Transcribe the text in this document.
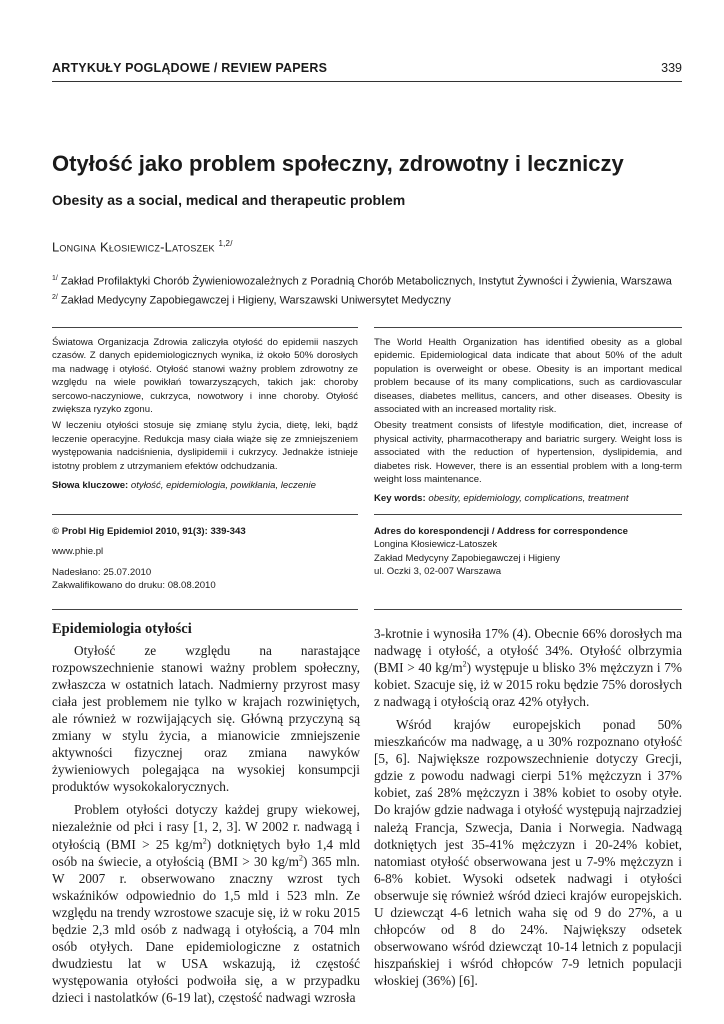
ARTYKUŁY POGLĄDOWE / REVIEW PAPERS	339
Otyłość jako problem społeczny, zdrowotny i leczniczy
Obesity as a social, medical and therapeutic problem
Longina Kłosiewicz-Latoszek $^{1,2/}$
$^{1/}$ Zakład Profilaktyki Chorób Żywieniowozależnych z Poradnią Chorób Metabolicznych, Instytut Żywności i Żywienia, Warszawa
$^{2/}$ Zakład Medycyny Zapobiegawczej i Higieny, Warszawski Uniwersytet Medyczny

Światowa Organizacja Zdrowia zaliczyła otyłość do epidemii naszych czasów. Z danych epidemiologicznych wynika, iż około 50% dorosłych ma nadwagę i otyłość. Otyłość stanowi ważny problem zdrowotny ze względu na wiele powikłań towarzyszących, takich jak: choroby sercowo-naczyniowe, cukrzyca, nowotwory i inne choroby. Otyłość zwiększa ryzyko zgonu.

W leczeniu otyłości stosuje się zmianę stylu życia, dietę, leki, bądź leczenie operacyjne. Redukcja masy ciała wiąże się ze zmniejszeniem występowania nadciśnienia, dyslipidemii i cukrzycy. Jednakże istnieje istotny problem z utrzymaniem efektów odchudzania.

Słowa kluczowe: otyłość, epidemiologia, powikłania, leczenie

The World Health Organization has identified obesity as a global epidemic. Epidemiological data indicate that about 50% of the adult population is overweight or obese. Obesity is an important medical problem because of its many complications, such as cardiovascular diseases, diabetes mellitus, cancers, and other diseases. Obesity is associated with an increased mortality risk.

Obesity treatment consists of lifestyle modification, diet, increase of physical activity, pharmacotherapy and bariatric surgery. Weight loss is associated with the reduction of hypertension, dyslipidemia, and diabetes risk. However, there is an essential problem with a long-term weight loss maintenance.

Key words: obesity, epidemiology, complications, treatment
© Probl Hig Epidemiol 2010, 91(3): 339-343
www.phie.pl
Nadesłano: 25.07.2010
Zakwalifikowano do druku: 08.08.2010
Adres do korespondencji / Address for correspondence
Longina Kłosiewicz-Latoszek
Zakład Medycyny Zapobiegawczej i Higieny
ul. Oczki 3, 02-007 Warszawa
Epidemiologia otyłości

Otyłość ze względu na narastające rozpowszechnienie stanowi ważny problem społeczny, zwłaszcza w ostatnich latach. Nadmierny przyrost masy ciała jest problemem nie tylko w krajach rozwiniętych, ale również w rozwijających się. Główną przyczyną są zmiany w stylu życia, a mianowicie zmniejszenie aktywności fizycznej oraz zmiana nawyków żywieniowych polegająca na wysokiej konsumpcji produktów wysokokalorycznych.

Problem otyłości dotyczy każdej grupy wiekowej, niezależnie od płci i rasy [1, 2, 3]. W 2002 r. nadwagą i otyłością (BMI > 25 $kg/m^2$) dotkniętych było 1,4 mld osób na świecie, a otyłością (BMI > 30 $kg/m^2$) 365 mln. W 2007 r. obserwowano znaczny wzrost tych wskaźników odpowiednio do 1,5 mld i 523 mln. Ze względu na trendy wzrostowe szacuje się, iż w roku 2015 będzie 2,3 mld osób z nadwagą i otyłością, a 704 mln osób otyłych. Dane epidemiologiczne z ostatnich dwudziestu lat w USA wskazują, iż częstość występowania otyłości podwoiła się, a w przypadku dzieci i nastolatków (6-19 lat), częstość nadwagi wzrosła

3-krotnie i wynosiła 17% (4). Obecnie 66% dorosłych ma nadwagę i otyłość, a otyłość 34%. Otyłość olbrzymia (BMI > 40 $kg/m^2$) występuje u blisko 3% mężczyzn i 7% kobiet. Szacuje się, iż w 2015 roku będzie 75% dorosłych z nadwagą i otyłością oraz 42% otyłych.

Wśród krajów europejskich ponad 50% mieszkańców ma nadwagę, a u 30% rozpoznano otyłość [5, 6]. Największe rozpowszechnienie dotyczy Grecji, gdzie z powodu nadwagi cierpi 51% mężczyzn i 37% kobiet, zaś 28% mężczyzn i 38% kobiet to osoby otyłe. Do krajów gdzie nadwaga i otyłość występują najrzadziej należą Francja, Szwecja, Dania i Norwegia. Nadwagą dotkniętych jest 35-41% mężczyzn i 20-24% kobiet, natomiast otyłość obserwowana jest u 7-9% mężczyzn i 6-8% kobiet. Wysoki odsetek nadwagi i otyłości obserwuje się również wśród dzieci krajów europejskich. U dziewcząt 4-6 letnich waha się od 9 do 27%, a u chłopców od 8 do 24%. Największy odsetek obserwowano wśród dziewcząt 10-14 letnich z populacji hiszpańskiej i wśród chłopców 7-9 letnich populacji włoskiej (36%) [6].
